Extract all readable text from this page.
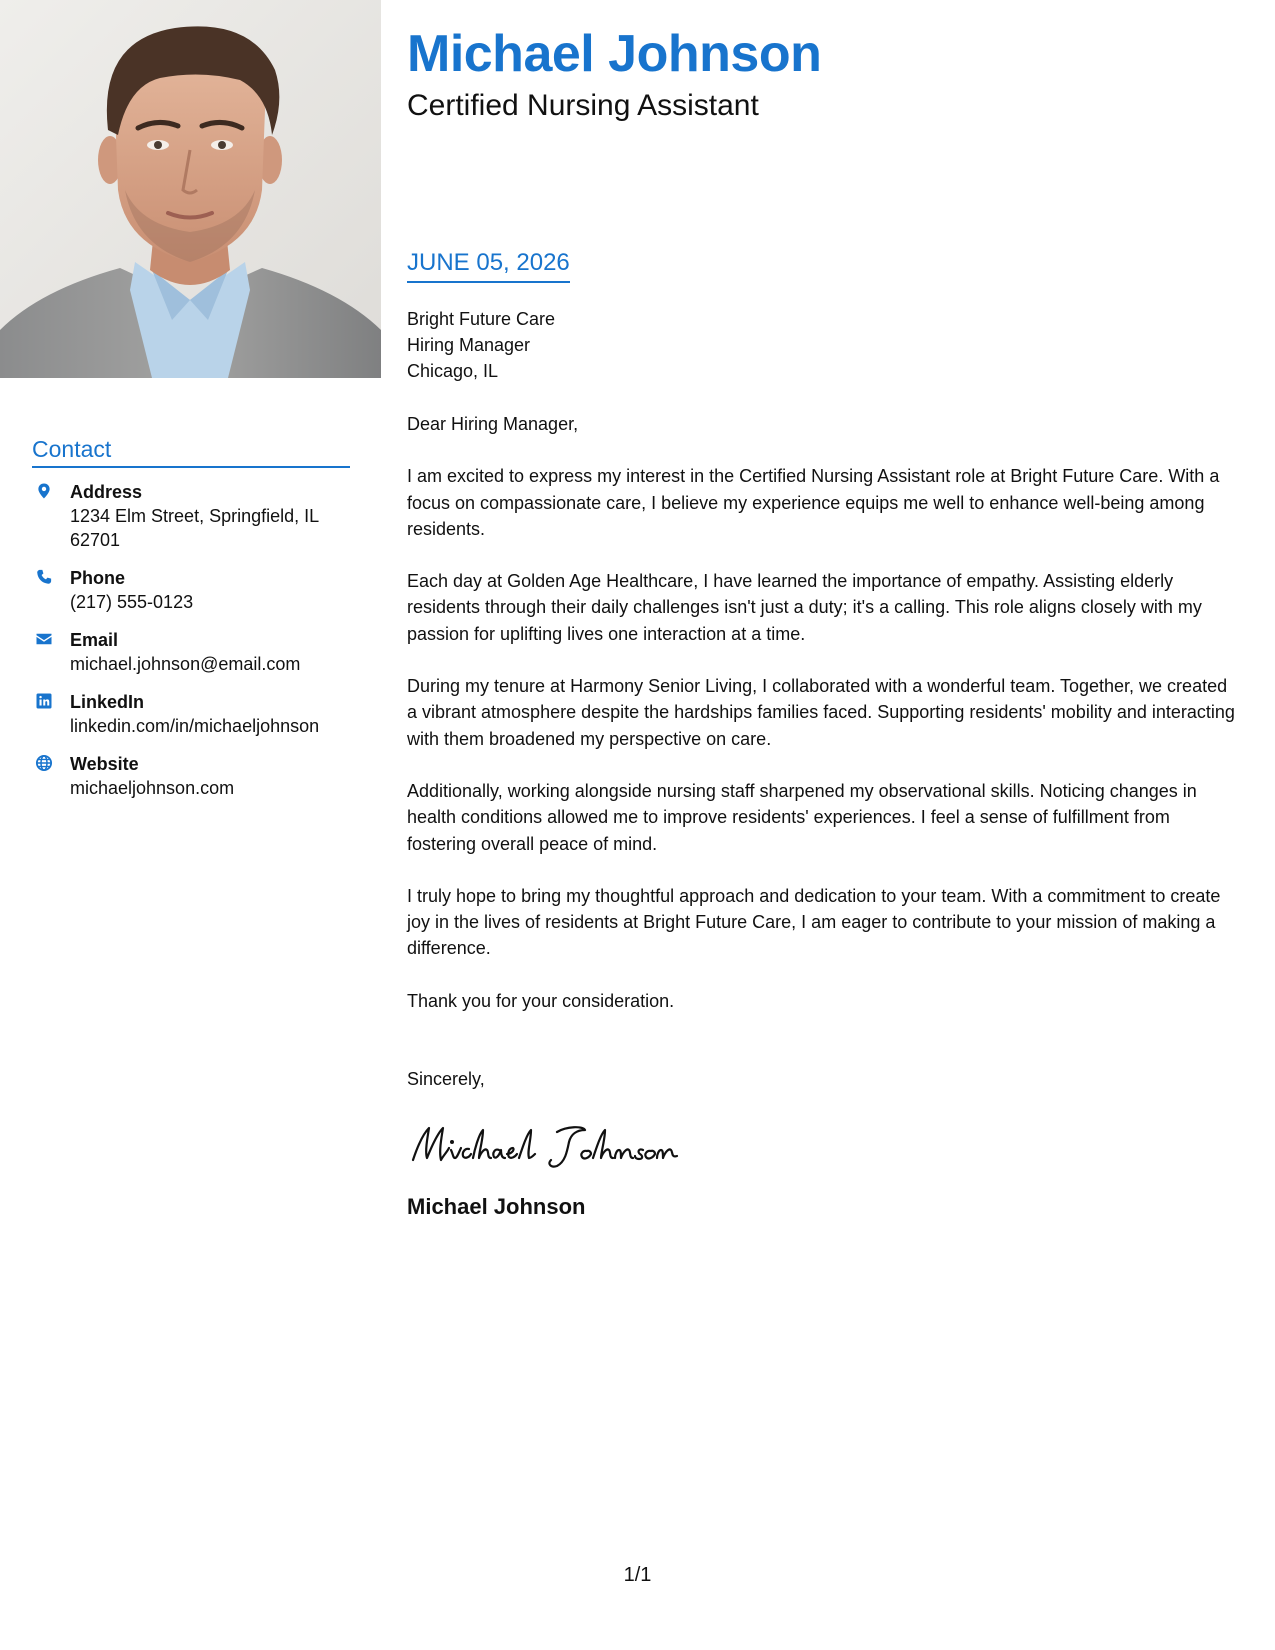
Contact
Address
1234 Elm Street, Springfield, IL 62701
Phone
(217) 555-0123
Email
michael.johnson@email.com
LinkedIn
linkedin.com/in/michaeljohnson
Website
michaeljohnson.com
Michael Johnson
Certified Nursing Assistant
JUNE 05, 2026
Bright Future Care
Hiring Manager
Chicago, IL
Dear Hiring Manager,
I am excited to express my interest in the Certified Nursing Assistant role at Bright Future Care. With a focus on compassionate care, I believe my experience equips me well to enhance well-being among residents.
Each day at Golden Age Healthcare, I have learned the importance of empathy. Assisting elderly residents through their daily challenges isn't just a duty; it's a calling. This role aligns closely with my passion for uplifting lives one interaction at a time.
During my tenure at Harmony Senior Living, I collaborated with a wonderful team. Together, we created a vibrant atmosphere despite the hardships families faced. Supporting residents' mobility and interacting with them broadened my perspective on care.
Additionally, working alongside nursing staff sharpened my observational skills. Noticing changes in health conditions allowed me to improve residents' experiences. I feel a sense of fulfillment from fostering overall peace of mind.
I truly hope to bring my thoughtful approach and dedication to your team. With a commitment to create joy in the lives of residents at Bright Future Care, I am eager to contribute to your mission of making a difference.
Thank you for your consideration.
Sincerely,
Michael Johnson
1/1
